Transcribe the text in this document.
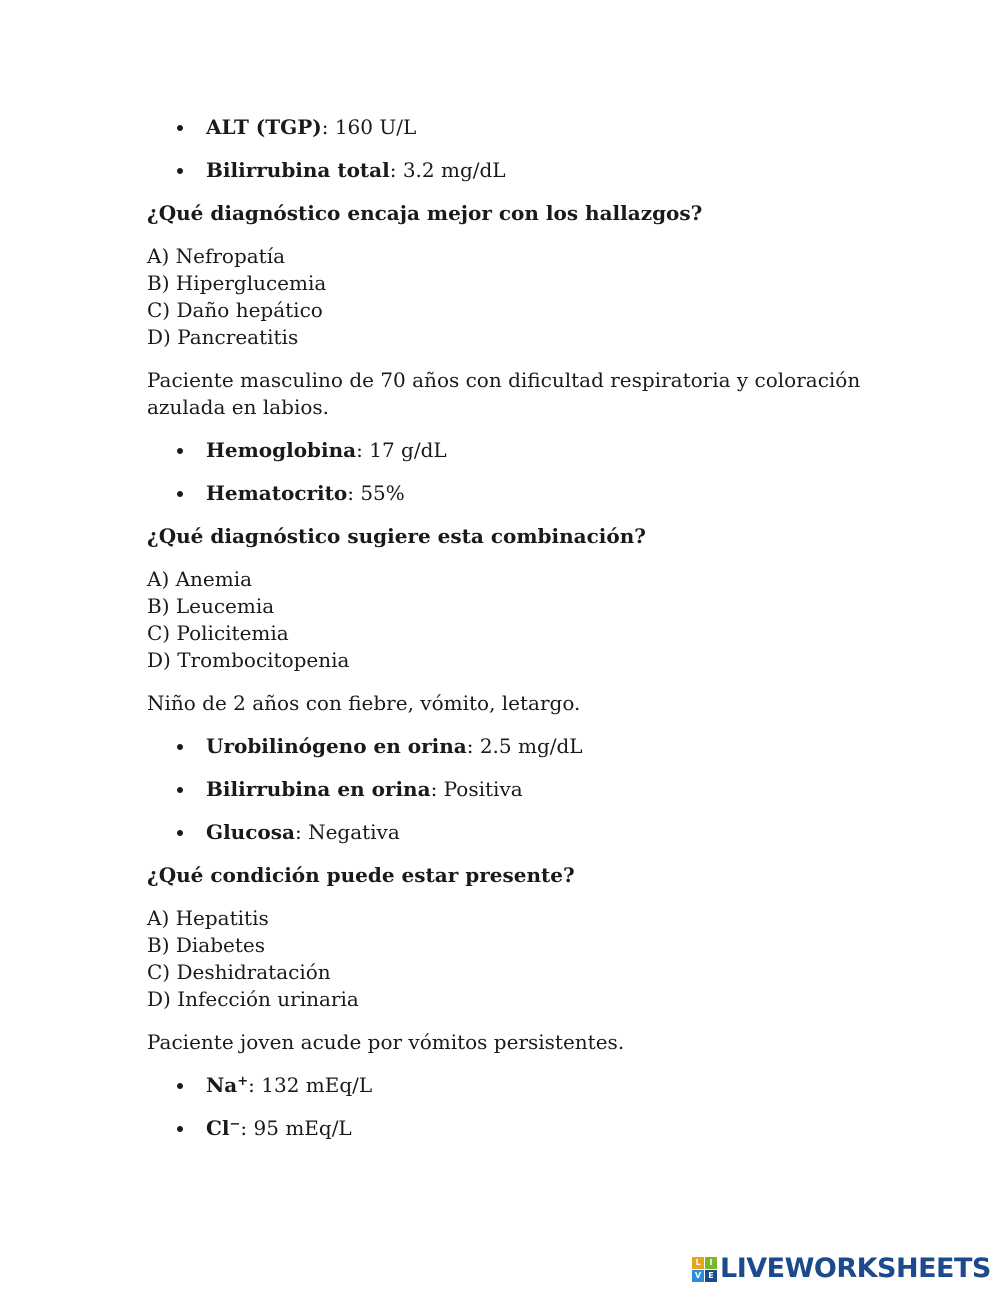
ALT (TGP): 160 U/L
Bilirrubina total: 3.2 mg/dL

¿Qué diagnóstico encaja mejor con los hallazgos?

A) Nefropatía
B) Hiperglucemia
C) Daño hepático
D) Pancreatitis

Paciente masculino de 70 años con dificultad respiratoria y coloración azulada en labios.

Hemoglobina: 17 g/dL
Hematocrito: 55%

¿Qué diagnóstico sugiere esta combinación?

A) Anemia
B) Leucemia
C) Policitemia
D) Trombocitopenia

Niño de 2 años con fiebre, vómito, letargo.

Urobilinógeno en orina: 2.5 mg/dL
Bilirrubina en orina: Positiva
Glucosa: Negativa

¿Qué condición puede estar presente?

A) Hepatitis
B) Diabetes
C) Deshidratación
D) Infección urinaria

Paciente joven acude por vómitos persistentes.

Na+: 132 mEq/L
Cl−: 95 mEq/L
L	I
V E LIVEWORKSHEETS
